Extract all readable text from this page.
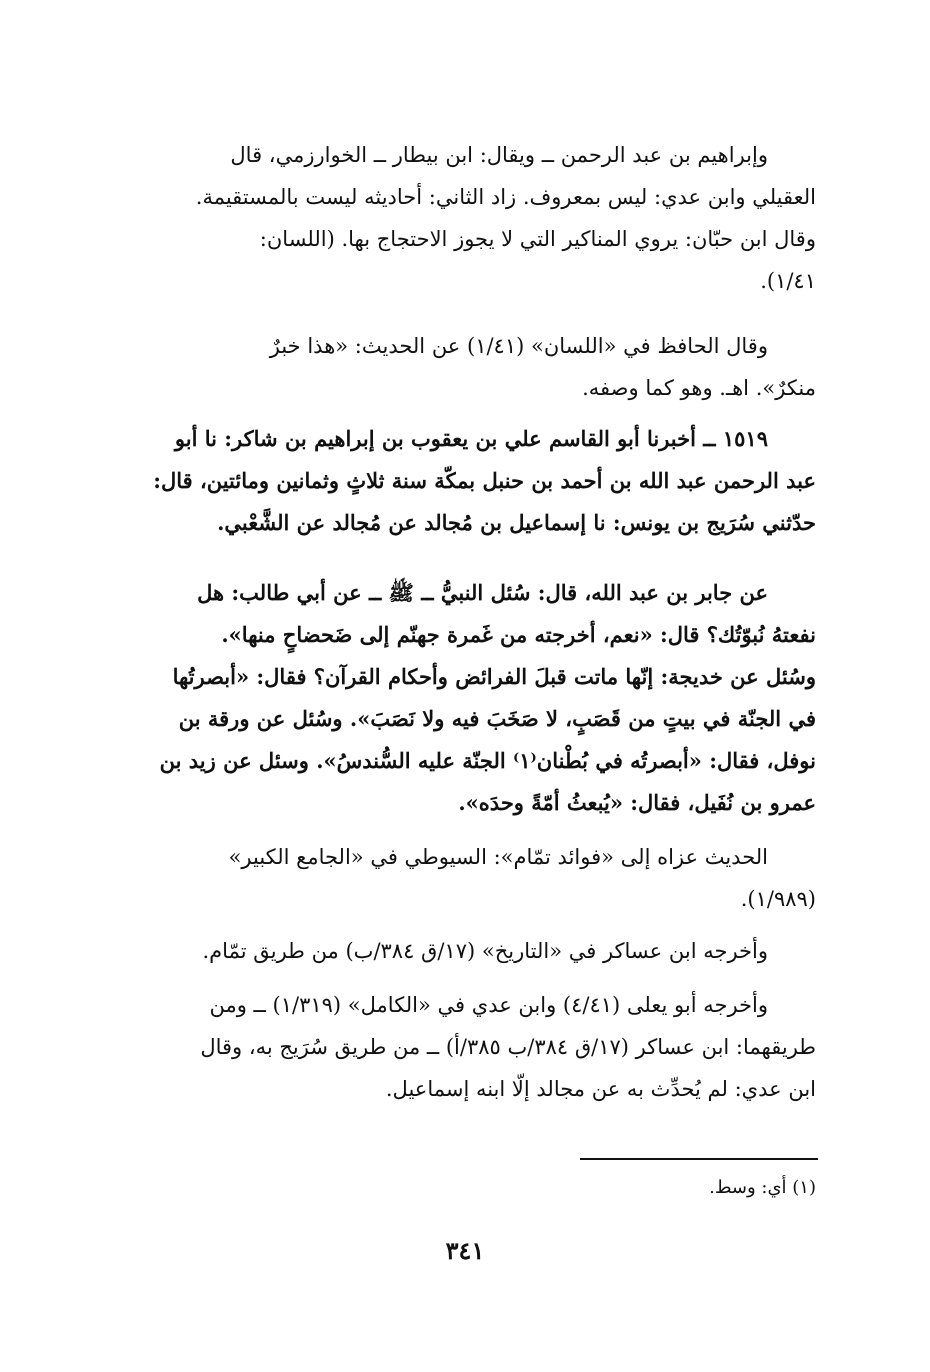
وإبراهيم بن عبد الرحمن ــ ويقال: ابن بيطار ــ الخوارزمي، قال
العقيلي وابن عدي: ليس بمعروف. زاد الثاني: أحاديثه ليست بالمستقيمة.
وقال ابن حبّان: يروي المناكير التي لا يجوز الاحتجاج بها. (اللسان:
١/٤١).
وقال الحافظ في «اللسان» (١/٤١) عن الحديث: «هذا خبرٌ
منكرٌ». اهـ. وهو كما وصفه.
١٥١٩ ــ أخبرنا أبو القاسم علي بن يعقوب بن إبراهيم بن شاكر: نا أبو
عبد الرحمن عبد الله بن أحمد بن حنبل بمكّة سنة ثلاثٍ وثمانين ومائتين، قال:
حدّثني سُرَيج بن يونس: نا إسماعيل بن مُجالد عن مُجالد عن الشَّعْبي.
عن جابر بن عبد الله، قال: سُئل النبيُّ ــ ﷺ ــ عن أبي طالب: هل
نفعتهُ نُبوّتُك؟ قال: «نعم، أخرجته من غَمرة جهنّم إلى ضَحضاحٍ منها».
وسُئل عن خديجة: إنّها ماتت قبلَ الفرائض وأحكام القرآن؟ فقال: «أبصرتُها
في الجنّة في بيتٍ من قَصَبٍ، لا صَخَبَ فيه ولا نَصَبَ». وسُئل عن ورقة بن
نوفل، فقال: «أبصرتُه في بُطْنان⁽١⁾ الجنّة عليه السُّندسُ». وسئل عن زيد بن
عمرو بن نُفَيل، فقال: «يُبعثُ أمّةً وحدَه».
الحديث عزاه إلى «فوائد تمّام»: السيوطي في «الجامع الكبير»
(١/٩٨٩).
وأخرجه ابن عساكر في «التاريخ» (١٧/ق ٣٨٤/ب) من طريق تمّام.
وأخرجه أبو يعلى (٤/٤١) وابن عدي في «الكامل» (١/٣١٩) ــ ومن
طريقهما: ابن عساكر (١٧/ق ٣٨٤/ب ٣٨٥/أ) ــ من طريق سُرَيج به، وقال
ابن عدي: لم يُحدِّث به عن مجالد إلّا ابنه إسماعيل.
(١) أي: وسط.
٣٤١
